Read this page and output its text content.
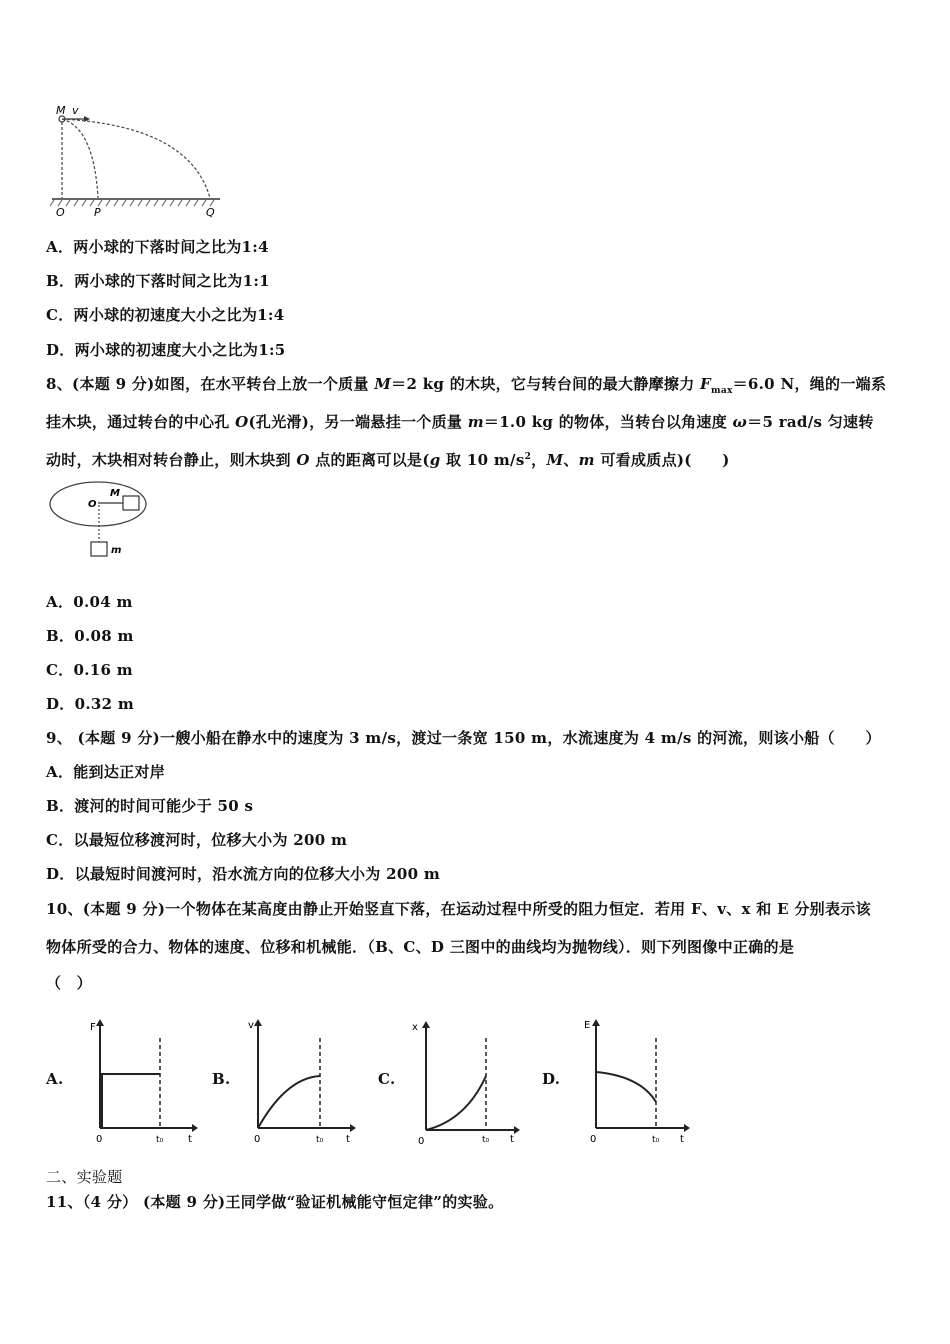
M v
O	P	Q
A．两小球的下落时间之比为1:4
B．两小球的下落时间之比为1:1
C．两小球的初速度大小之比为1:4
D．两小球的初速度大小之比为1:5
8、(本题 9 分)如图，在水平转台上放一个质量 M＝2 kg 的木块，它与转台间的最大静摩擦力 $F_{max}=6.0$ N，绳的一端系
挂木块，通过转台的中心孔 O(孔光滑)，另一端悬挂一个质量 m＝1.0 kg 的物体，当转台以角速度 ω＝5 rad/s 匀速转
动时，木块相对转台静止，则木块到 O 点的距离可以是(g 取 10 $m/s^2$，M、m 可看成质点)(　　)
O
M
m
A．0.04 m
B．0.08 m
C．0.16 m
D．0.32 m
9、 (本题 9 分)一艘小船在静水中的速度为 3 m/s，渡过一条宽 150 m，水流速度为 4 m/s 的河流，则该小船（　　）
A．能到达正对岸
B．渡河的时间可能少于 50 s
C．以最短位移渡河时，位移大小为 200 m
D．以最短时间渡河时，沿水流方向的位移大小为 200 m
10、(本题 9 分)一个物体在某高度由静止开始竖直下落，在运动过程中所受的阻力恒定．若用 F、v、x 和 E 分别表示该
物体所受的合力、物体的速度、位移和机械能．（B、C、D 三图中的曲线均为抛物线）．则下列图像中正确的是
（　）
A.
F
0	t
t₀
B.
v
0	t
t₀
C.
x
0	t
t₀
D.
E
0	t
t₀
二、实验题
11、（4 分） (本题 9 分)王同学做“验证机械能守恒定律”的实验。
